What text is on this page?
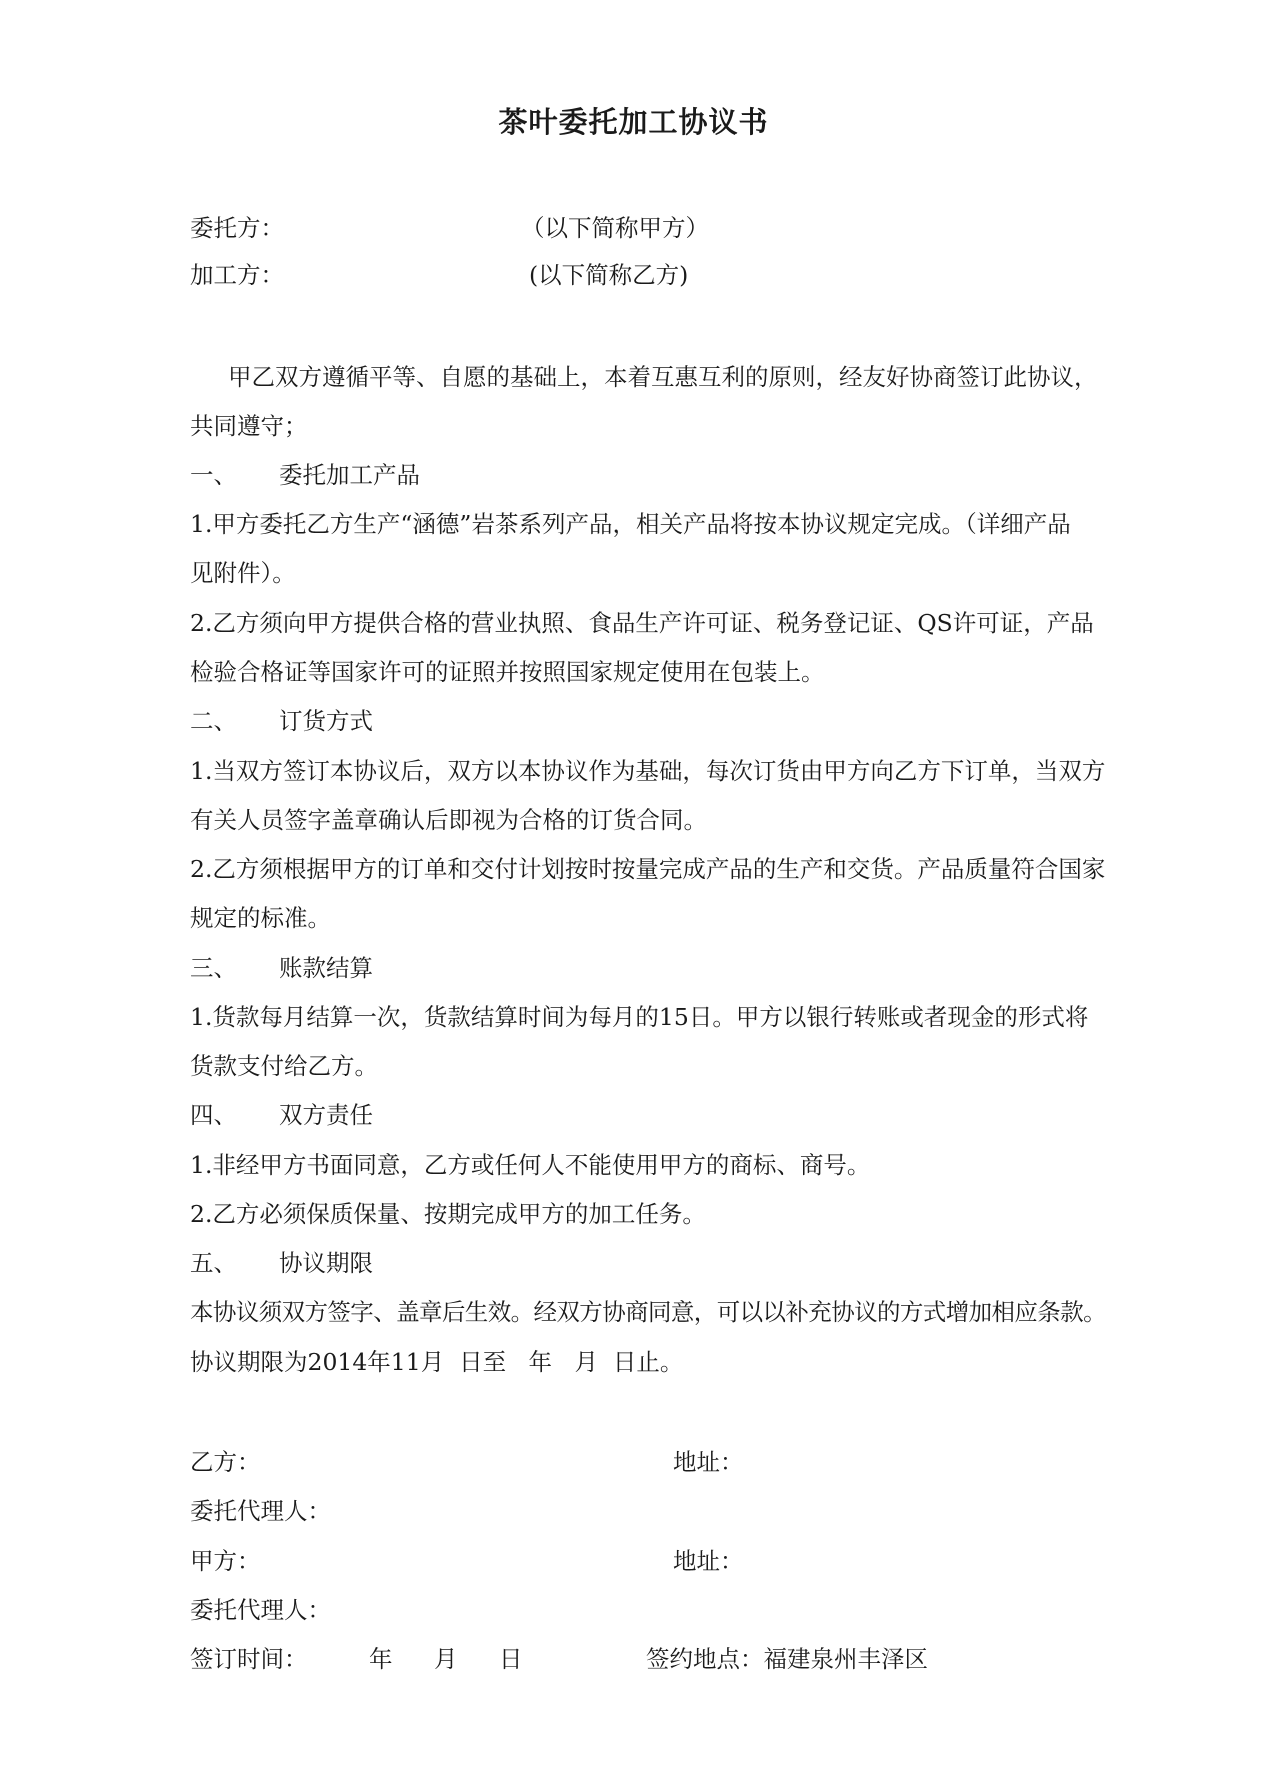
茶叶委托加工协议书
委托方：	（以下简称甲方）
加工方：	(以下简称乙方)
甲乙双方遵循平等、自愿的基础上，本着互惠互利的原则，经友好协商签订此协议，
共同遵守；
一、 委托加工产品
1.甲方委托乙方生产“涵德”岩茶系列产品，相关产品将按本协议规定完成。（详细产品
见附件）。
2.乙方须向甲方提供合格的营业执照、食品生产许可证、税务登记证、QS许可证，产品
检验合格证等国家许可的证照并按照国家规定使用在包装上。
二、 订货方式
1.当双方签订本协议后，双方以本协议作为基础，每次订货由甲方向乙方下订单，当双方
有关人员签字盖章确认后即视为合格的订货合同。
2.乙方须根据甲方的订单和交付计划按时按量完成产品的生产和交货。产品质量符合国家
规定的标准。
三、 账款结算
1.货款每月结算一次，货款结算时间为每月的15日。甲方以银行转账或者现金的形式将
货款支付给乙方。
四、 双方责任
1.非经甲方书面同意，乙方或任何人不能使用甲方的商标、商号。
2.乙方必须保质保量、按期完成甲方的加工任务。
五、 协议期限
本协议须双方签字、盖章后生效。经双方协商同意，可以以补充协议的方式增加相应条款。
协议期限为2014年11月  日至   年   月  日止。
乙方：	地址：
委托代理人：
甲方：	地址：
委托代理人：
签订时间：	年 月 日	签约地点：福建泉州丰泽区
